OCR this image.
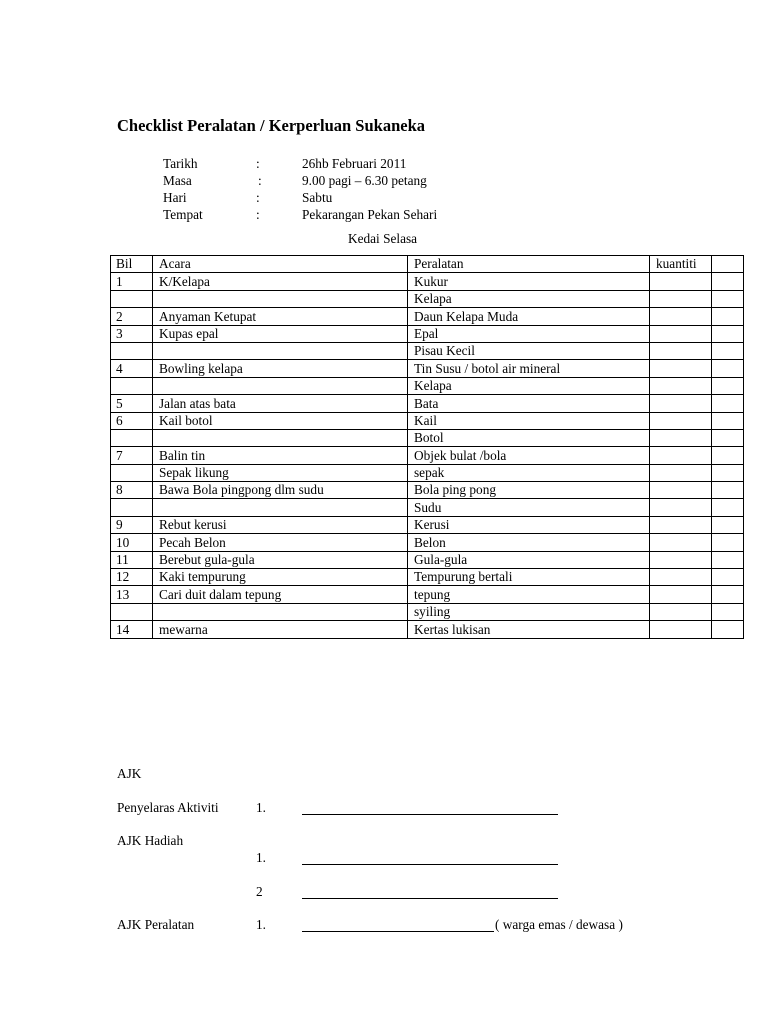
Checklist Peralatan / Kerperluan Sukaneka
Tarikh	:	26hb Februari 2011
Masa	:	9.00 pagi – 6.30 petang
Hari	:	Sabtu
Tempat	:	Pekarangan Pekan Sehari
Kedai Selasa
Bil	Acara	Peralatan	kuantiti	
1	K/Kelapa	Kukur		
		Kelapa		
2	Anyaman Ketupat	Daun Kelapa Muda		
3	Kupas epal	Epal		
		Pisau Kecil		
4	Bowling kelapa	Tin Susu / botol air mineral		
		Kelapa		
5	Jalan atas bata	Bata		
6	Kail botol	Kail		
		Botol		
7	Balin tin	Objek bulat /bola		
	Sepak likung	sepak		
8	Bawa Bola pingpong dlm sudu	Bola ping pong		
		Sudu		
9	Rebut kerusi	Kerusi		
10	Pecah Belon	Belon		
11	Berebut gula-gula	Gula-gula		
12	Kaki tempurung	Tempurung bertali		
13	Cari duit dalam tepung	tepung		
		syiling		
14	mewarna	Kertas lukisan		
AJK
Penyelaras Aktiviti	1.
AJK Hadiah
1.
2
AJK Peralatan	1.	( warga emas / dewasa )
